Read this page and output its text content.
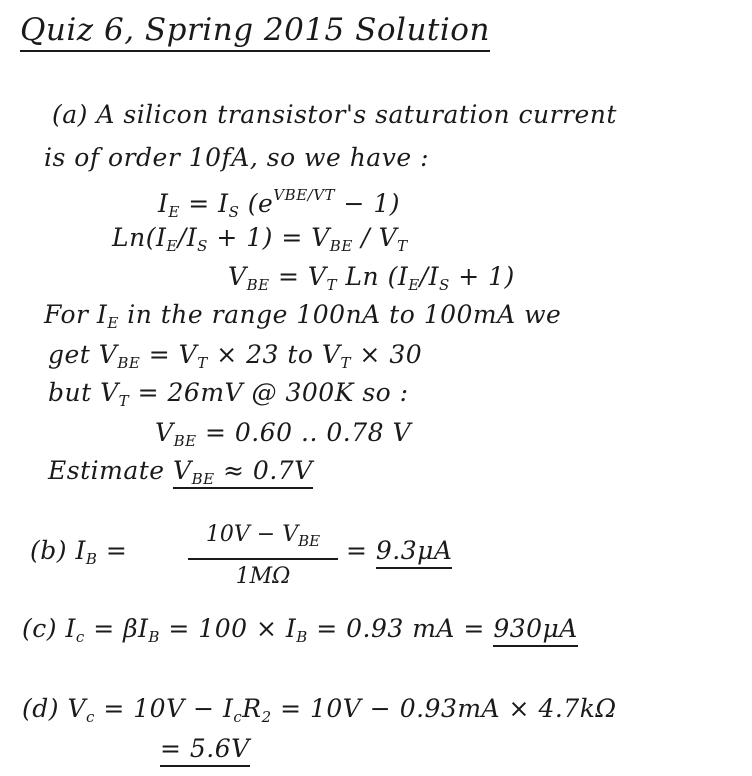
Quiz 6, Spring 2015 Solution
(a) A silicon transistor's saturation current
is of order 10fA, so we have :
$I_E = I_S$ $(e^{VBE/VT} - 1)$
$Ln(I_E/I_S + 1) = V_{BE} / V_T$
$V_{BE} = V_T$ Ln $(I_E/I_S + 1)$
For $I_E$ in the range 100nA to 100mA we
get $V_{BE} = V_T \times 23$ to $V_T \times 30$
but $V_T = 26mV$ @ 300K so :
$V_{BE} = 0.60$ .. 0.78 V
Estimate $V_{BE} \approx 0.7V$
(b) $I_B$ =
$10V - V_{BE}$
1MΩ
= 9.3μA
(c) $I_c = \beta I_B = 100 \times I_B = 0.93$ mA = 930μA
(d) $V_c = 10V - I_cR_2 = 10V - 0.93mA \times 4.7k\Omega$
= 5.6V
